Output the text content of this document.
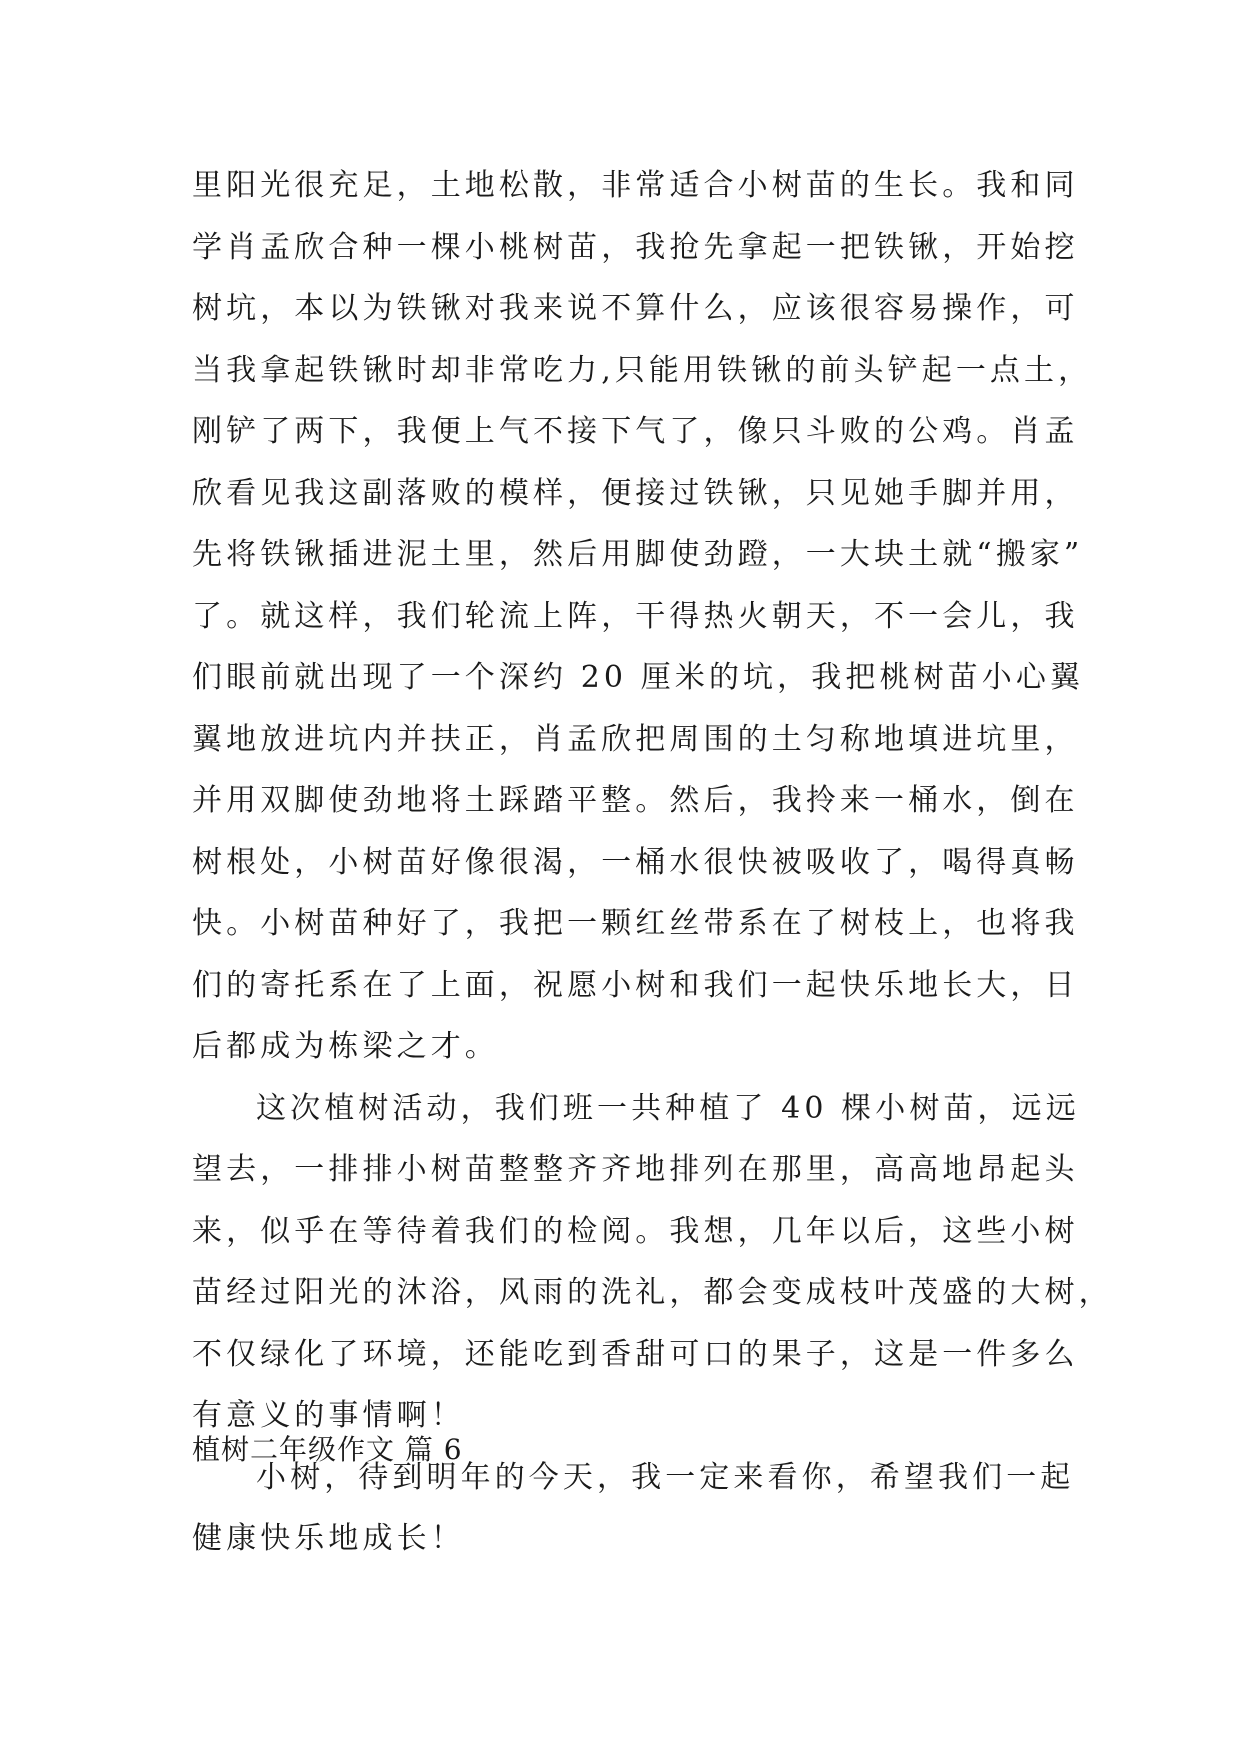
里阳光很充足，土地松散，非常适合小树苗的生长。我和同
学肖孟欣合种一棵小桃树苗，我抢先拿起一把铁锹，开始挖
树坑，本以为铁锹对我来说不算什么，应该很容易操作，可
当我拿起铁锹时却非常吃力,只能用铁锹的前头铲起一点土，
刚铲了两下，我便上气不接下气了，像只斗败的公鸡。肖孟
欣看见我这副落败的模样，便接过铁锹，只见她手脚并用，
先将铁锹插进泥土里，然后用脚使劲蹬，一大块土就“搬家”
了。就这样，我们轮流上阵，干得热火朝天，不一会儿，我
们眼前就出现了一个深约 20 厘米的坑，我把桃树苗小心翼
翼地放进坑内并扶正，肖孟欣把周围的土匀称地填进坑里，
并用双脚使劲地将土踩踏平整。然后，我拎来一桶水，倒在
树根处，小树苗好像很渴，一桶水很快被吸收了，喝得真畅
快。小树苗种好了，我把一颗红丝带系在了树枝上，也将我
们的寄托系在了上面，祝愿小树和我们一起快乐地长大，日
后都成为栋梁之才。
这次植树活动，我们班一共种植了 40 棵小树苗，远远
望去，一排排小树苗整整齐齐地排列在那里，高高地昂起头
来，似乎在等待着我们的检阅。我想，几年以后，这些小树
苗经过阳光的沐浴，风雨的洗礼，都会变成枝叶茂盛的大树，
不仅绿化了环境，还能吃到香甜可口的果子，这是一件多么
有意义的事情啊！
小树，待到明年的今天，我一定来看你，希望我们一起
健康快乐地成长！
植树二年级作文 篇 6
